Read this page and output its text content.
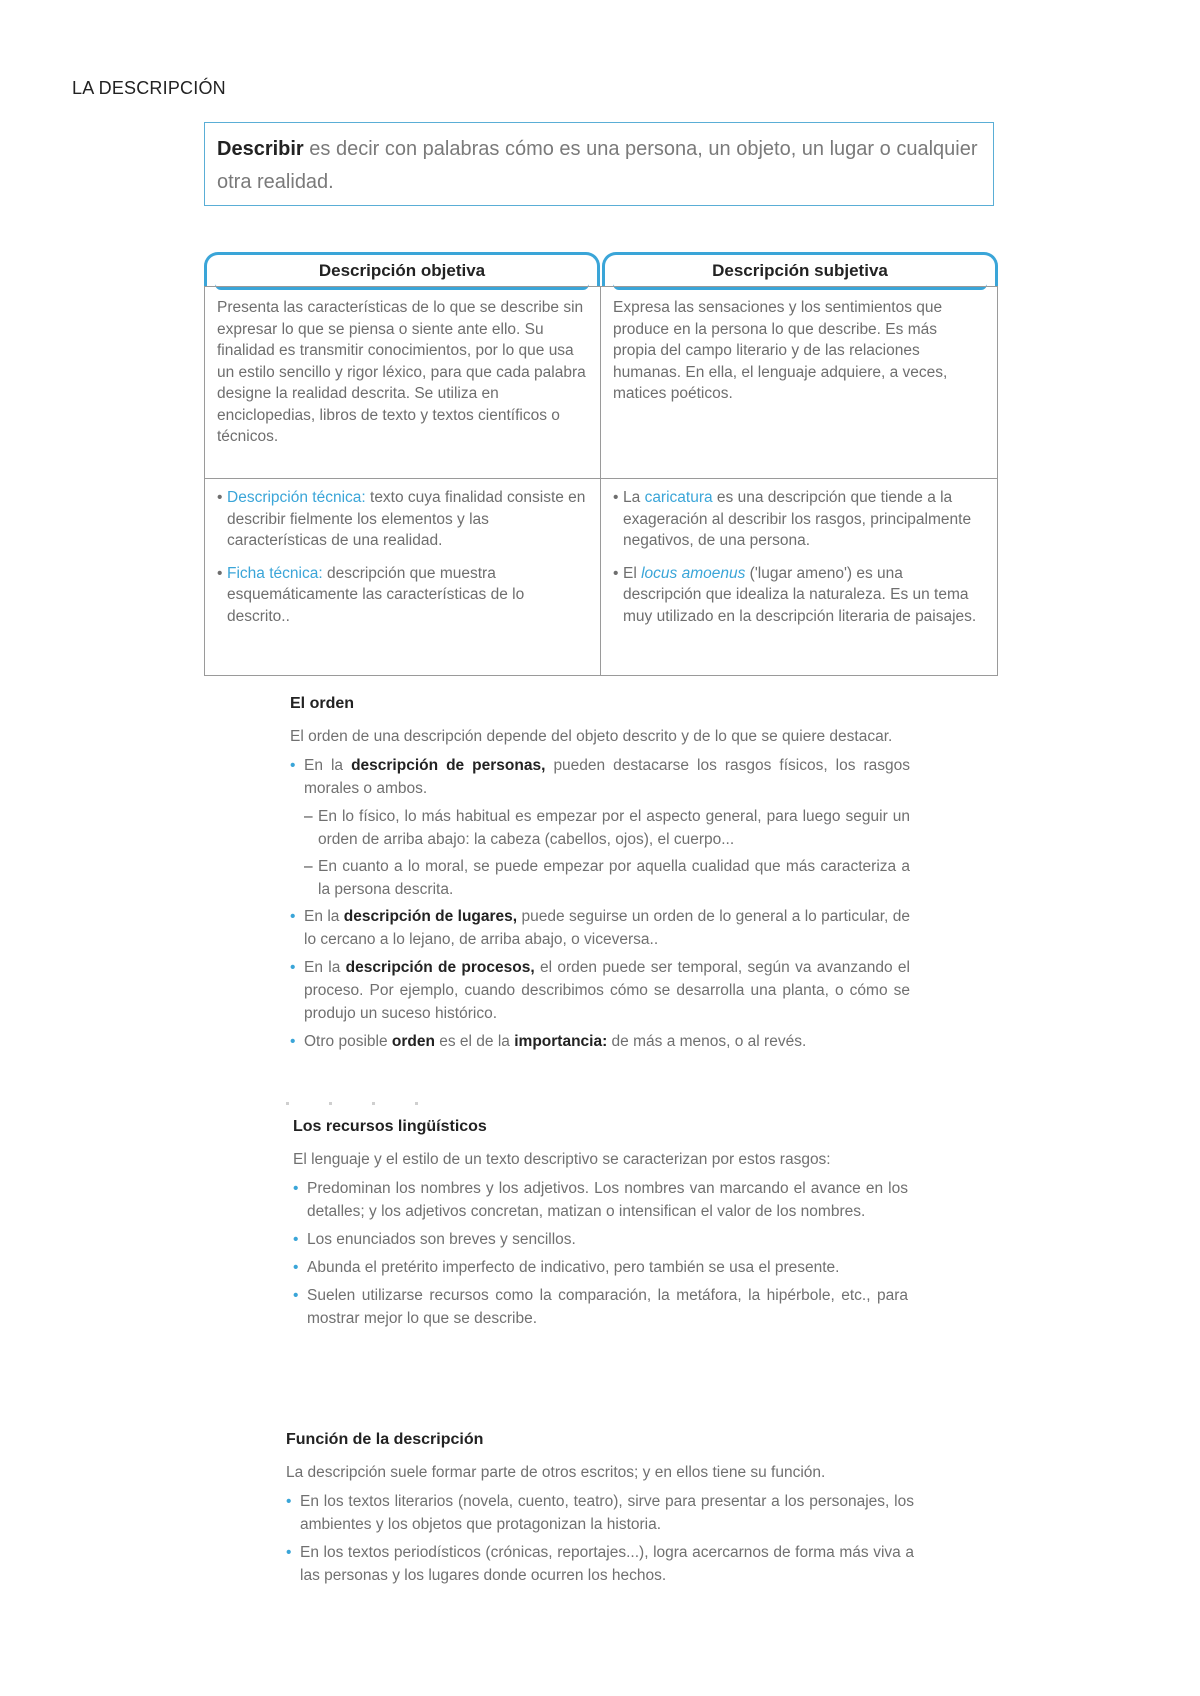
LA DESCRIPCIÓN
Describir es decir con palabras cómo es una persona, un objeto, un lugar o cualquier otra realidad.
Descripción objetiva	Descripción subjetiva
Presenta las características de lo que se describe sin expresar lo que se piensa o siente ante ello. Su finalidad es transmitir conocimientos, por lo que usa un estilo sencillo y rigor léxico, para que cada palabra designe la realidad descrita. Se utiliza en enciclopedias, libros de texto y textos científicos o técnicos.
Expresa las sensaciones y los sentimientos que produce en la persona lo que describe. Es más propia del campo literario y de las relaciones humanas. En ella, el lenguaje adquiere, a veces, matices poéticos.
• Descripción técnica: texto cuya finalidad consiste en describir fielmente los elementos y las características de una realidad.
• Ficha técnica: descripción que muestra esquemáticamente las características de lo descrito..
• La caricatura es una descripción que tiende a la exageración al describir los rasgos, principalmente negativos, de una persona.
• El locus amoenus ('lugar ameno') es una descripción que idealiza la naturaleza. Es un tema muy utilizado en la descripción literaria de paisajes.
El orden

El orden de una descripción depende del objeto descrito y de lo que se quiere destacar.

• En la descripción de personas, pueden destacarse los rasgos físicos, los rasgos morales o ambos.
– En lo físico, lo más habitual es empezar por el aspecto general, para luego seguir un orden de arriba abajo: la cabeza (cabellos, ojos), el cuerpo...
– En cuanto a lo moral, se puede empezar por aquella cualidad que más caracteriza a la persona descrita.
• En la descripción de lugares, puede seguirse un orden de lo general a lo particular, de lo cercano a lo lejano, de arriba abajo, o viceversa..
• En la descripción de procesos, el orden puede ser temporal, según va avanzando el proceso. Por ejemplo, cuando describimos cómo se desarrolla una planta, o cómo se produjo un suceso histórico.
• Otro posible orden es el de la importancia: de más a menos, o al revés.
Los recursos lingüísticos

El lenguaje y el estilo de un texto descriptivo se caracterizan por estos rasgos:

• Predominan los nombres y los adjetivos. Los nombres van marcando el avance en los detalles; y los adjetivos concretan, matizan o intensifican el valor de los nombres.
• Los enunciados son breves y sencillos.
• Abunda el pretérito imperfecto de indicativo, pero también se usa el presente.
• Suelen utilizarse recursos como la comparación, la metáfora, la hipérbole, etc., para mostrar mejor lo que se describe.
Función de la descripción

La descripción suele formar parte de otros escritos; y en ellos tiene su función.

• En los textos literarios (novela, cuento, teatro), sirve para presentar a los personajes, los ambientes y los objetos que protagonizan la historia.
• En los textos periodísticos (crónicas, reportajes...), logra acercarnos de forma más viva a las personas y los lugares donde ocurren los hechos.
